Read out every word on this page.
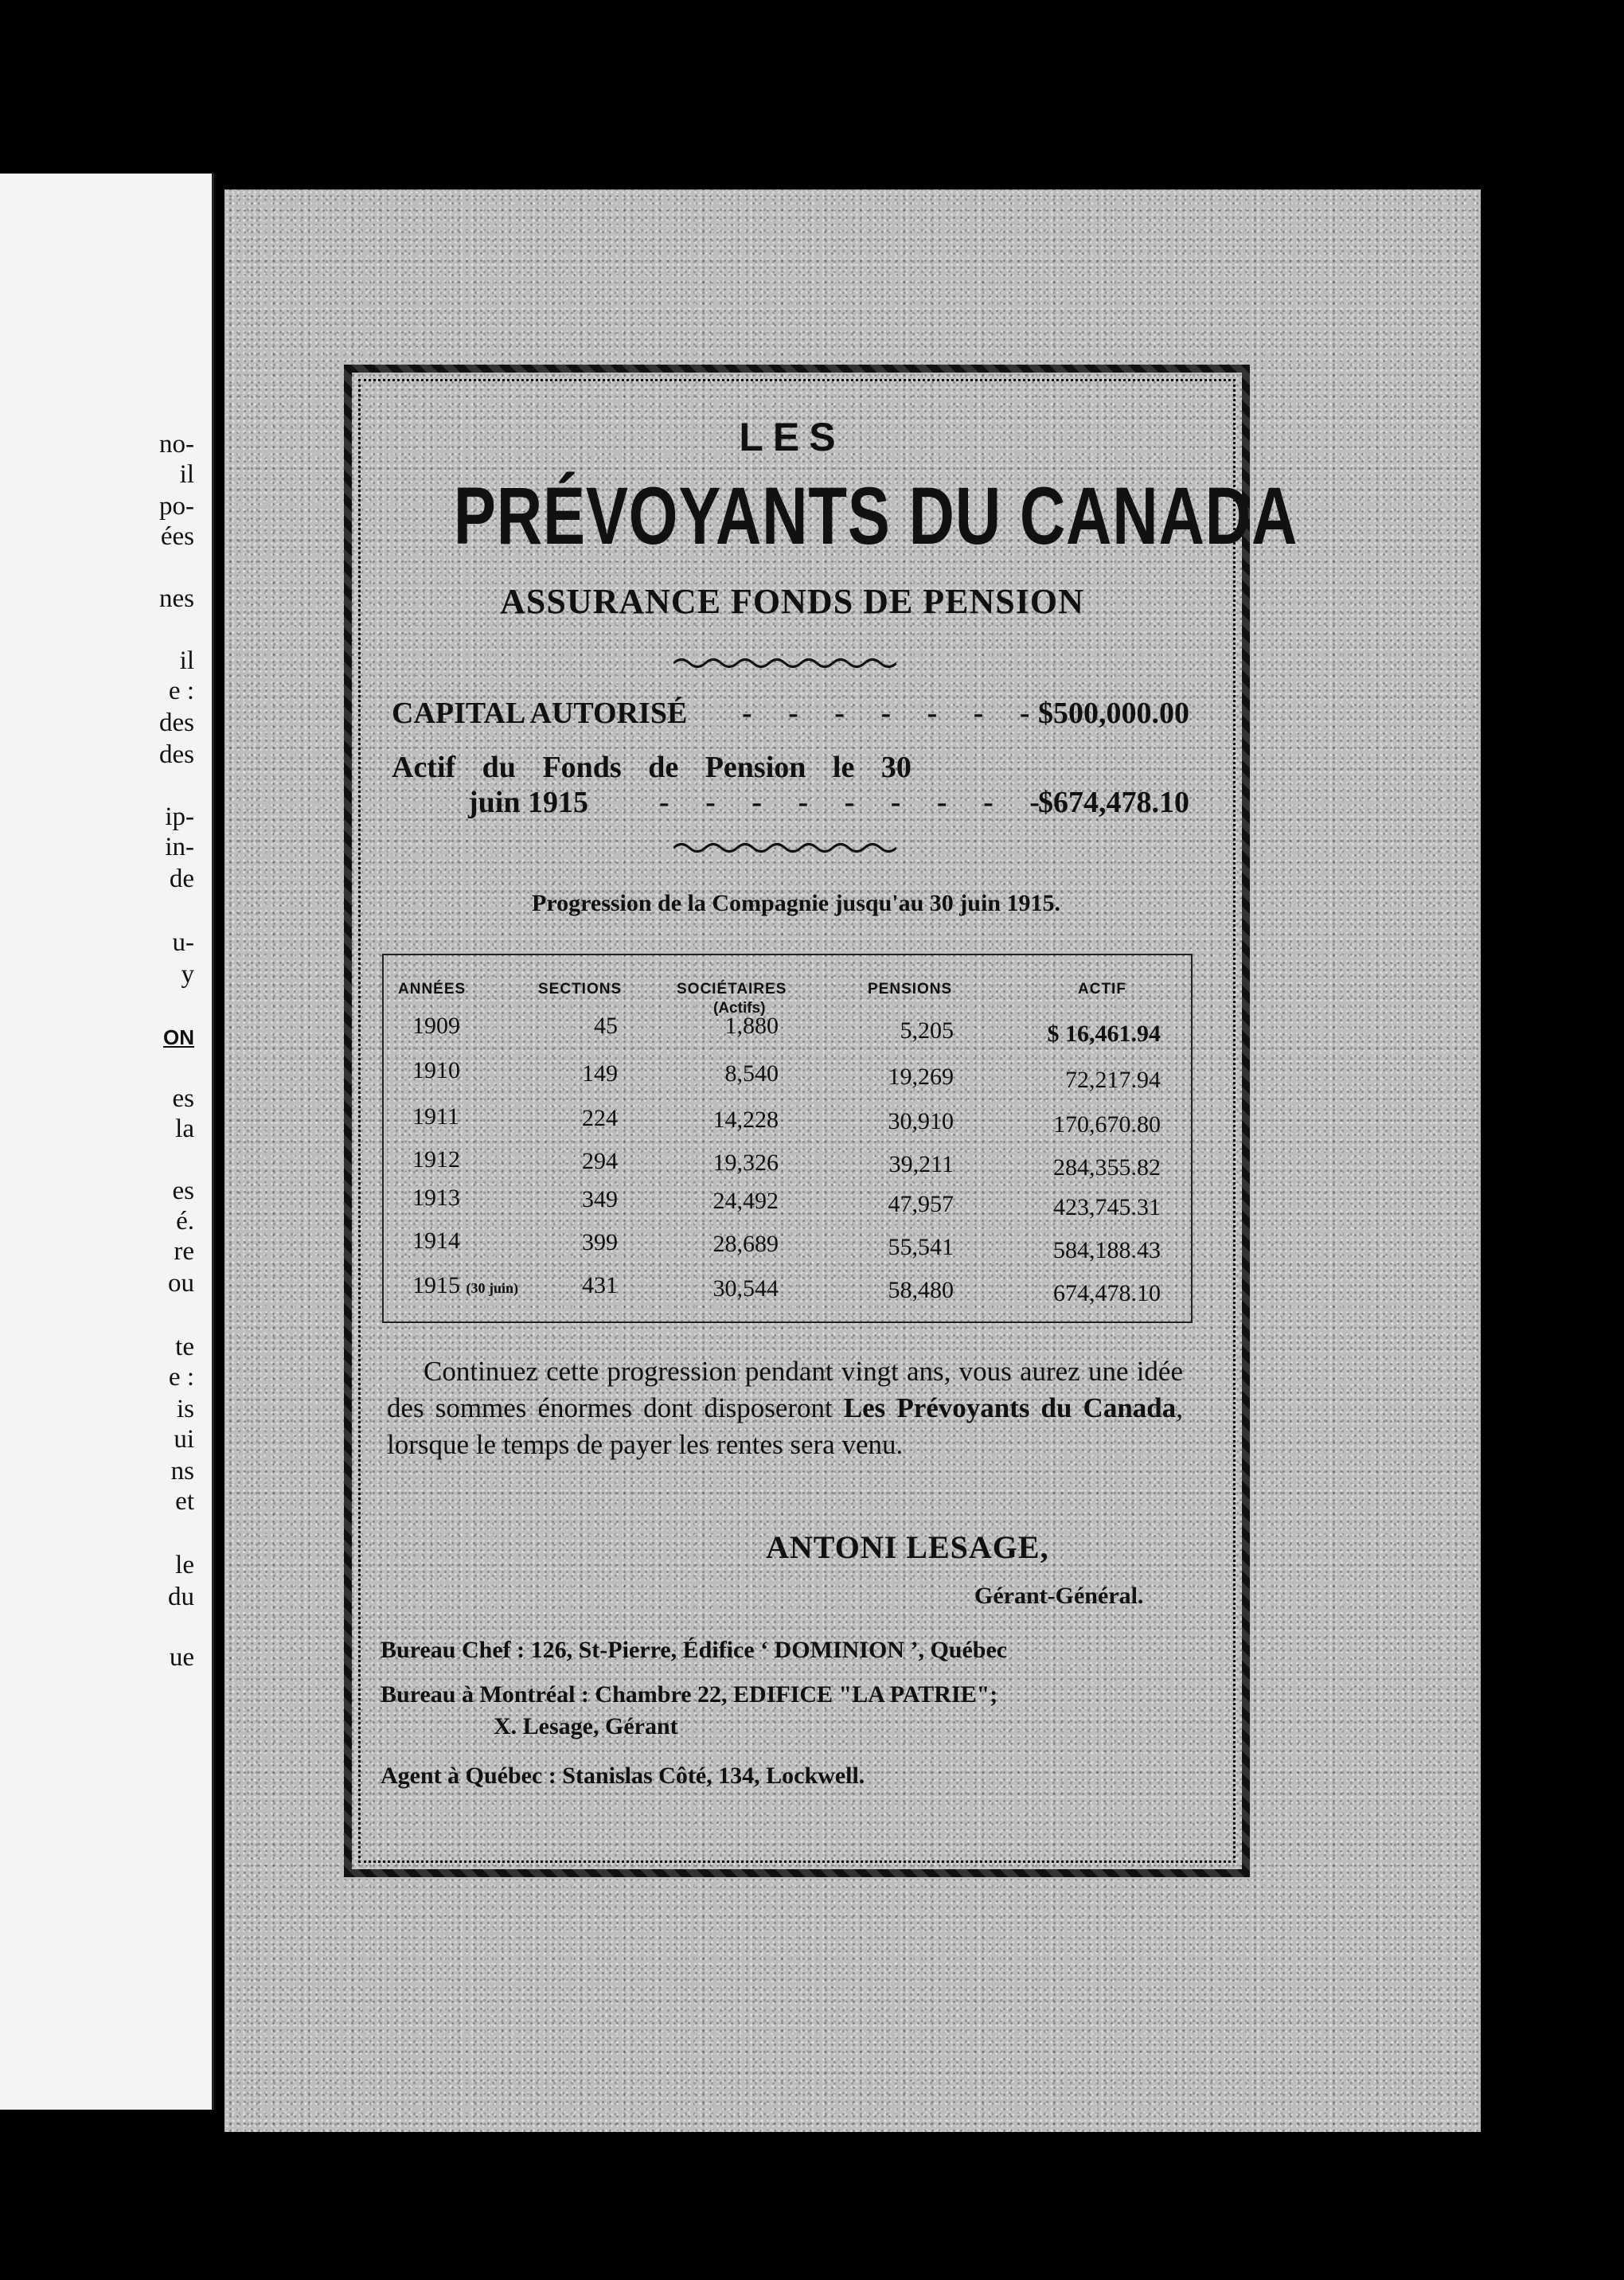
no-

il

po-

ées

nes

il

e :

des

des

ip-

in-

de

u-

y

ON

es

la

es

é.

re

ou

te

e :

is

ui

ns

et

le

du

ue

LES
PRÉVOYANTS DU CANADA
ASSURANCE FONDS DE PENSION
CAPITAL AUTORISÉ - - - - - - -
$500,000.00
Actif du Fonds de Pension le 30
juin 1915 - - - - - - - - -
$674,478.10
Progression de la Compagnie jusqu'au 30 juin 1915.
ANNÉES	SECTIONS	SOCIÉTAIRES
(Actifs)
PENSIONS	ACTIF
1909	45	1,880	5,205	$ 16,461.94
1910	149	8,540	19,269	72,217.94
1911	224	14,228	30,910	170,670.80
1912	294	19,326	39,211	284,355.82
1913	349	24,492	47,957	423,745.31
1914	399	28,689	55,541	584,188.43
1915 (30 juin)	431	30,544	58,480	674,478.10
Continuez cette progression pendant vingt ans, vous aurez une idée des sommes énormes dont disposeront Les Prévoyants du Canada, lorsque le temps de payer les rentes sera venu.
ANTONI LESAGE,
Gérant-Général.
Bureau Chef : 126, St-Pierre, Édifice ‘ DOMINION ’, Québec
Bureau à Montréal : Chambre 22, EDIFICE "LA PATRIE";
X. Lesage, Gérant
Agent à Québec : Stanislas Côté, 134, Lockwell.
